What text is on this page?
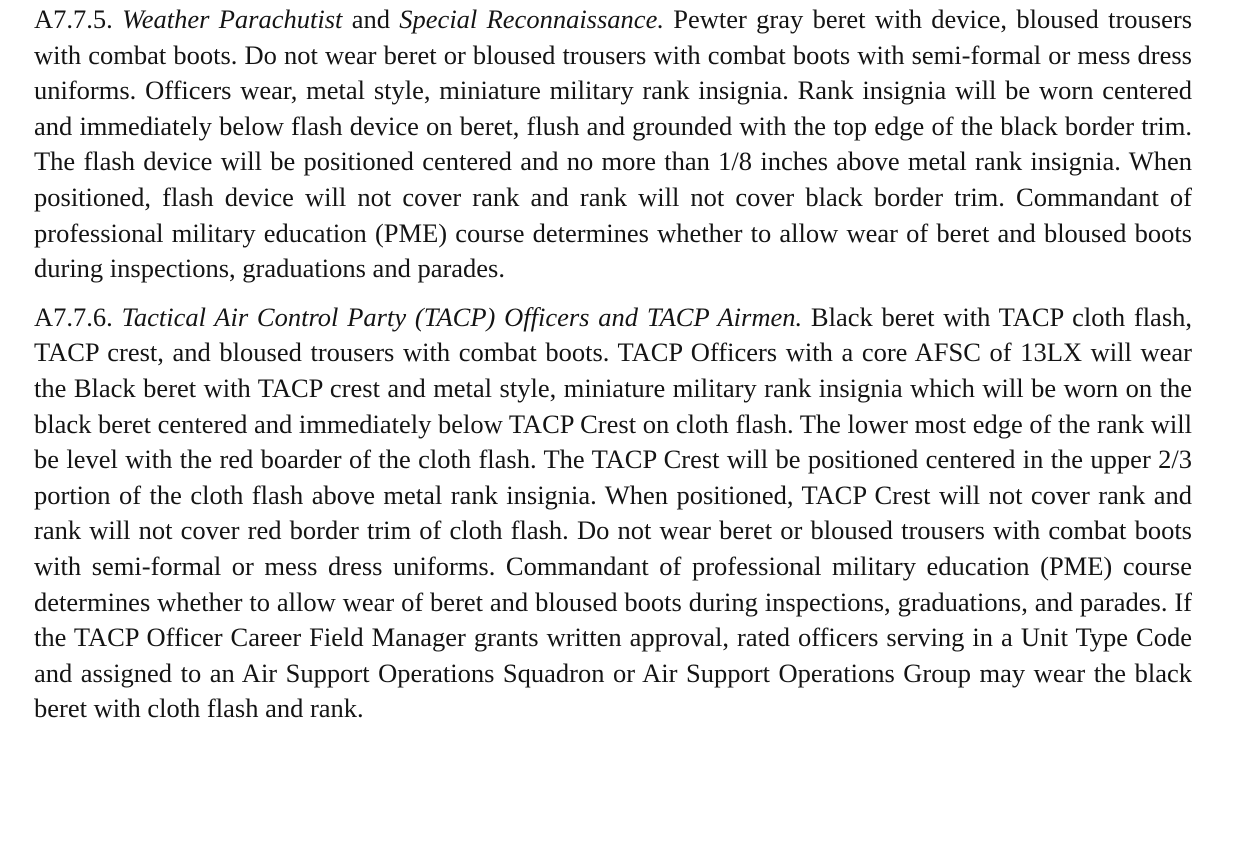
A7.7.5. Weather Parachutist and Special Reconnaissance. Pewter gray beret with device, bloused trousers with combat boots. Do not wear beret or bloused trousers with combat boots with semi-formal or mess dress uniforms. Officers wear, metal style, miniature military rank insignia. Rank insignia will be worn centered and immediately below flash device on beret, flush and grounded with the top edge of the black border trim. The flash device will be positioned centered and no more than 1/8 inches above metal rank insignia. When positioned, flash device will not cover rank and rank will not cover black border trim. Commandant of professional military education (PME) course determines whether to allow wear of beret and bloused boots during inspections, graduations and parades.

A7.7.6. Tactical Air Control Party (TACP) Officers and TACP Airmen. Black beret with TACP cloth flash, TACP crest, and bloused trousers with combat boots. TACP Officers with a core AFSC of 13LX will wear the Black beret with TACP crest and metal style, miniature military rank insignia which will be worn on the black beret centered and immediately below TACP Crest on cloth flash. The lower most edge of the rank will be level with the red boarder of the cloth flash. The TACP Crest will be positioned centered in the upper 2/3 portion of the cloth flash above metal rank insignia. When positioned, TACP Crest will not cover rank and rank will not cover red border trim of cloth flash. Do not wear beret or bloused trousers with combat boots with semi-formal or mess dress uniforms. Commandant of professional military education (PME) course determines whether to allow wear of beret and bloused boots during inspections, graduations, and parades. If the TACP Officer Career Field Manager grants written approval, rated officers serving in a Unit Type Code and assigned to an Air Support Operations Squadron or Air Support Operations Group may wear the black beret with cloth flash and rank.
